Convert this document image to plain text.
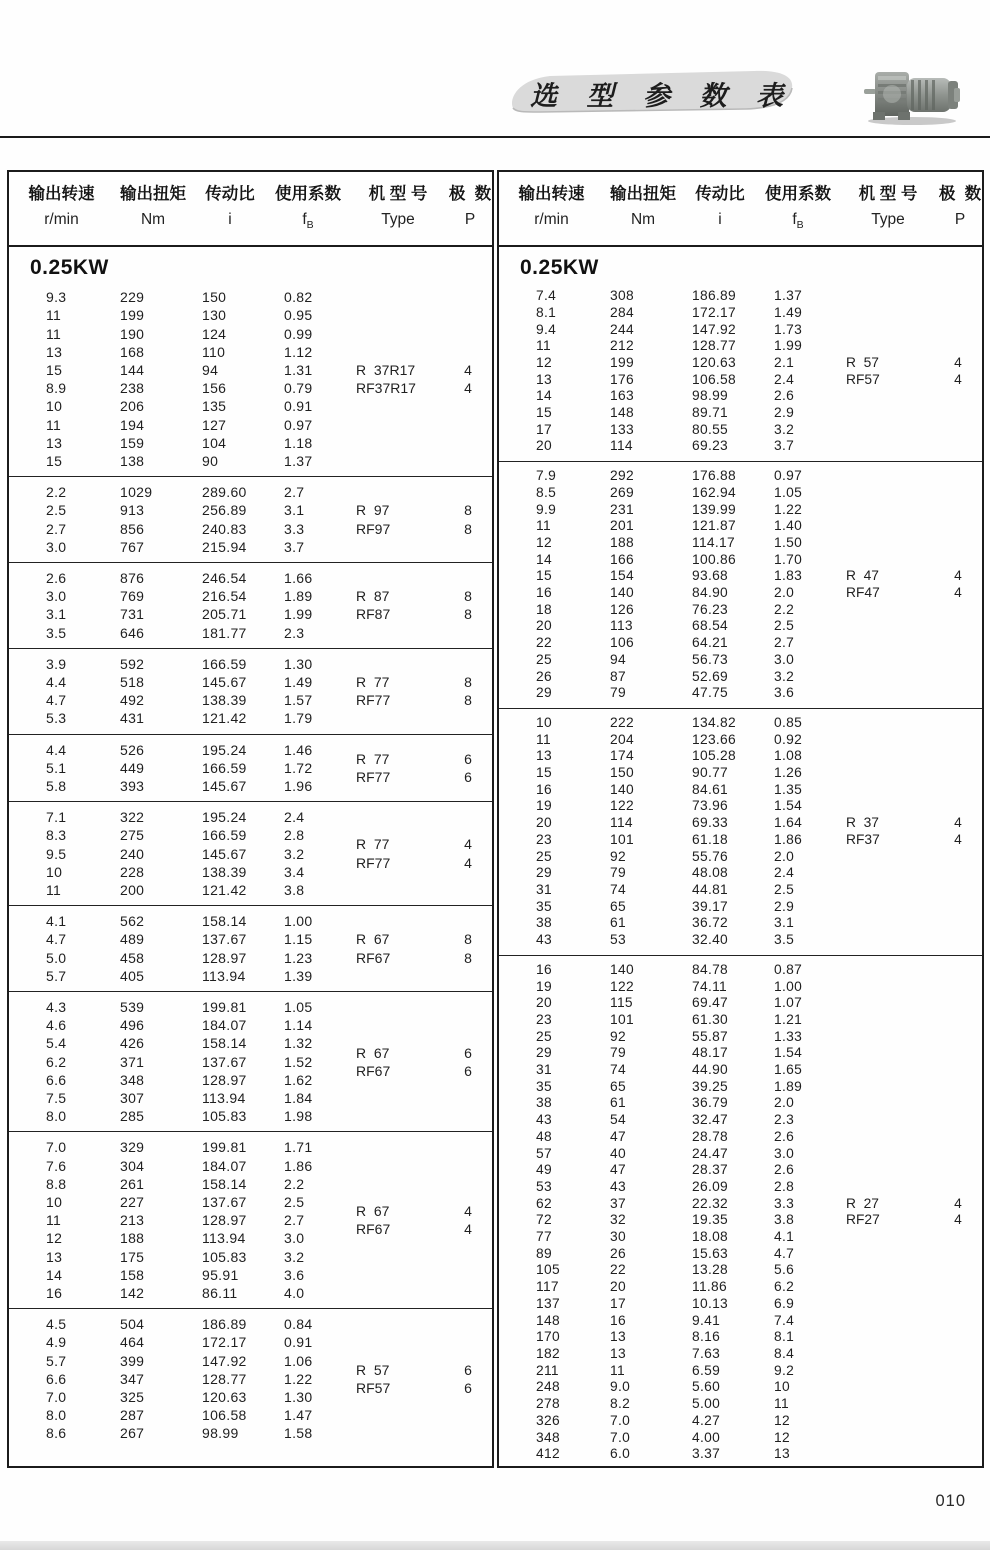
选 型 参 数 表
输出转速	输出扭矩	传动比	使用系数	机 型 号	极  数
r/min	Nm	i	$f_B$	Type	P
0.25KW
9.3	229	150	0.82
11	199	130	0.95
11	190	124	0.99
13	168	110	1.12
15	144	94	1.31
8.9	238	156	0.79
10	206	135	0.91
11	194	127	0.97
13	159	104	1.18
15	138	90	1.37
R  37R17	4
RF37R17	4
2.2	1029	289.60	2.7
2.5	913	256.89	3.1
2.7	856	240.83	3.3
3.0	767	215.94	3.7
R  97	8
RF97	8
2.6	876	246.54	1.66
3.0	769	216.54	1.89
3.1	731	205.71	1.99
3.5	646	181.77	2.3
R  87	8
RF87	8
3.9	592	166.59	1.30
4.4	518	145.67	1.49
4.7	492	138.39	1.57
5.3	431	121.42	1.79
R  77	8
RF77	8
4.4	526	195.24	1.46
5.1	449	166.59	1.72
5.8	393	145.67	1.96
R  77	6
RF77	6
7.1	322	195.24	2.4
8.3	275	166.59	2.8
9.5	240	145.67	3.2
10	228	138.39	3.4
11	200	121.42	3.8
R  77	4
RF77	4
4.1	562	158.14	1.00
4.7	489	137.67	1.15
5.0	458	128.97	1.23
5.7	405	113.94	1.39
R  67	8
RF67	8
4.3	539	199.81	1.05
4.6	496	184.07	1.14
5.4	426	158.14	1.32
6.2	371	137.67	1.52
6.6	348	128.97	1.62
7.5	307	113.94	1.84
8.0	285	105.83	1.98
R  67	6
RF67	6
7.0	329	199.81	1.71
7.6	304	184.07	1.86
8.8	261	158.14	2.2
10	227	137.67	2.5
11	213	128.97	2.7
12	188	113.94	3.0
13	175	105.83	3.2
14	158	95.91	3.6
16	142	86.11	4.0
R  67	4
RF67	4
4.5	504	186.89	0.84
4.9	464	172.17	0.91
5.7	399	147.92	1.06
6.6	347	128.77	1.22
7.0	325	120.63	1.30
8.0	287	106.58	1.47
8.6	267	98.99	1.58
R  57	6
RF57	6
输出转速	输出扭矩	传动比	使用系数	机 型 号	极  数
r/min	Nm	i	$f_B$	Type	P
0.25KW
7.4	308	186.89	1.37
8.1	284	172.17	1.49
9.4	244	147.92	1.73
11	212	128.77	1.99
12	199	120.63	2.1
13	176	106.58	2.4
14	163	98.99	2.6
15	148	89.71	2.9
17	133	80.55	3.2
20	114	69.23	3.7
R  57	4
RF57	4
7.9	292	176.88	0.97
8.5	269	162.94	1.05
9.9	231	139.99	1.22
11	201	121.87	1.40
12	188	114.17	1.50
14	166	100.86	1.70
15	154	93.68	1.83
16	140	84.90	2.0
18	126	76.23	2.2
20	113	68.54	2.5
22	106	64.21	2.7
25	94	56.73	3.0
26	87	52.69	3.2
29	79	47.75	3.6
R  47	4
RF47	4
10	222	134.82	0.85
11	204	123.66	0.92
13	174	105.28	1.08
15	150	90.77	1.26
16	140	84.61	1.35
19	122	73.96	1.54
20	114	69.33	1.64
23	101	61.18	1.86
25	92	55.76	2.0
29	79	48.08	2.4
31	74	44.81	2.5
35	65	39.17	2.9
38	61	36.72	3.1
43	53	32.40	3.5
R  37	4
RF37	4
16	140	84.78	0.87
19	122	74.11	1.00
20	115	69.47	1.07
23	101	61.30	1.21
25	92	55.87	1.33
29	79	48.17	1.54
31	74	44.90	1.65
35	65	39.25	1.89
38	61	36.79	2.0
43	54	32.47	2.3
48	47	28.78	2.6
57	40	24.47	3.0
49	47	28.37	2.6
53	43	26.09	2.8
62	37	22.32	3.3
72	32	19.35	3.8
77	30	18.08	4.1
89	26	15.63	4.7
105	22	13.28	5.6
117	20	11.86	6.2
137	17	10.13	6.9
148	16	9.41	7.4
170	13	8.16	8.1
182	13	7.63	8.4
211	11	6.59	9.2
248	9.0	5.60	10
278	8.2	5.00	11
326	7.0	4.27	12
348	7.0	4.00	12
412	6.0	3.37	13
R  27	4
RF27	4
010
